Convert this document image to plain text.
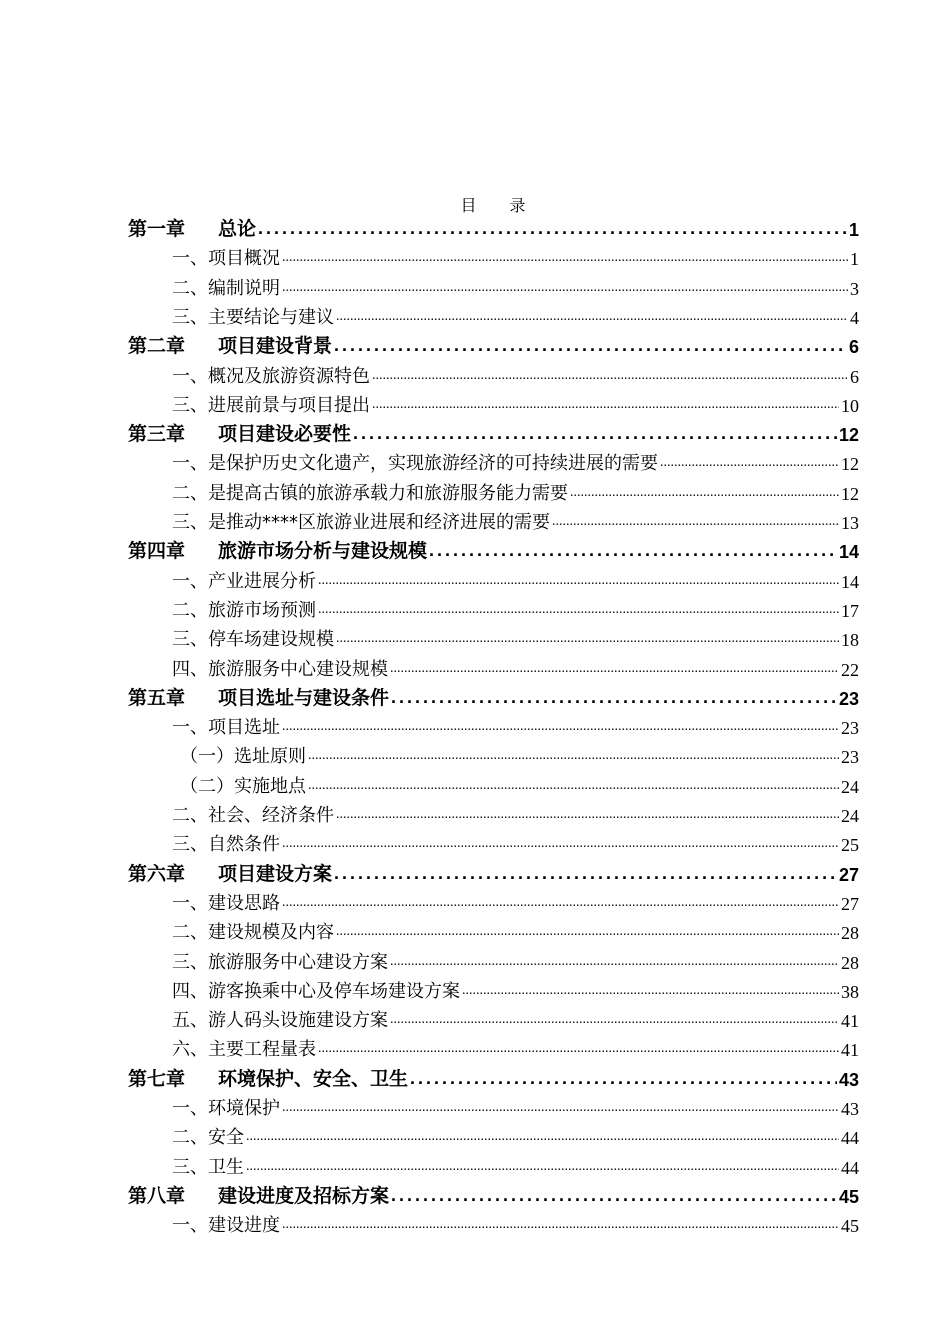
目 录
第一章	总论 .....	1
一、项目概况 .....	1
二、编制说明 .....	3
三、主要结论与建议 .....	4
第二章	项目建设背景 .....	6
一、概况及旅游资源特色 .....	6
三、进展前景与项目提出 .....	10
第三章	项目建设必要性 .....	12
一、是保护历史文化遗产，实现旅游经济的可持续进展的需要 .....	12
二、是提高古镇的旅游承载力和旅游服务能力需要 .....	12
三、是推动****区旅游业进展和经济进展的需要 .....	13
第四章	旅游市场分析与建设规模 .....	14
一、产业进展分析 .....	14
二、旅游市场预测 .....	17
三、停车场建设规模 .....	18
四、旅游服务中心建设规模 .....	22
第五章	项目选址与建设条件 .....	23
一、项目选址 .....	23
（一）选址原则 .....	23
（二）实施地点 .....	24
二、社会、经济条件 .....	24
三、自然条件 .....	25
第六章	项目建设方案 .....	27
一、建设思路 .....	27
二、建设规模及内容 .....	28
三、旅游服务中心建设方案 .....	28
四、游客换乘中心及停车场建设方案 .....	38
五、游人码头设施建设方案 .....	41
六、主要工程量表 .....	41
第七章	环境保护、安全、卫生 .....	43
一、环境保护 .....	43
二、安全 .....	44
三、卫生 .....	44
第八章	建设进度及招标方案 .....	45
一、建设进度 .....	45
